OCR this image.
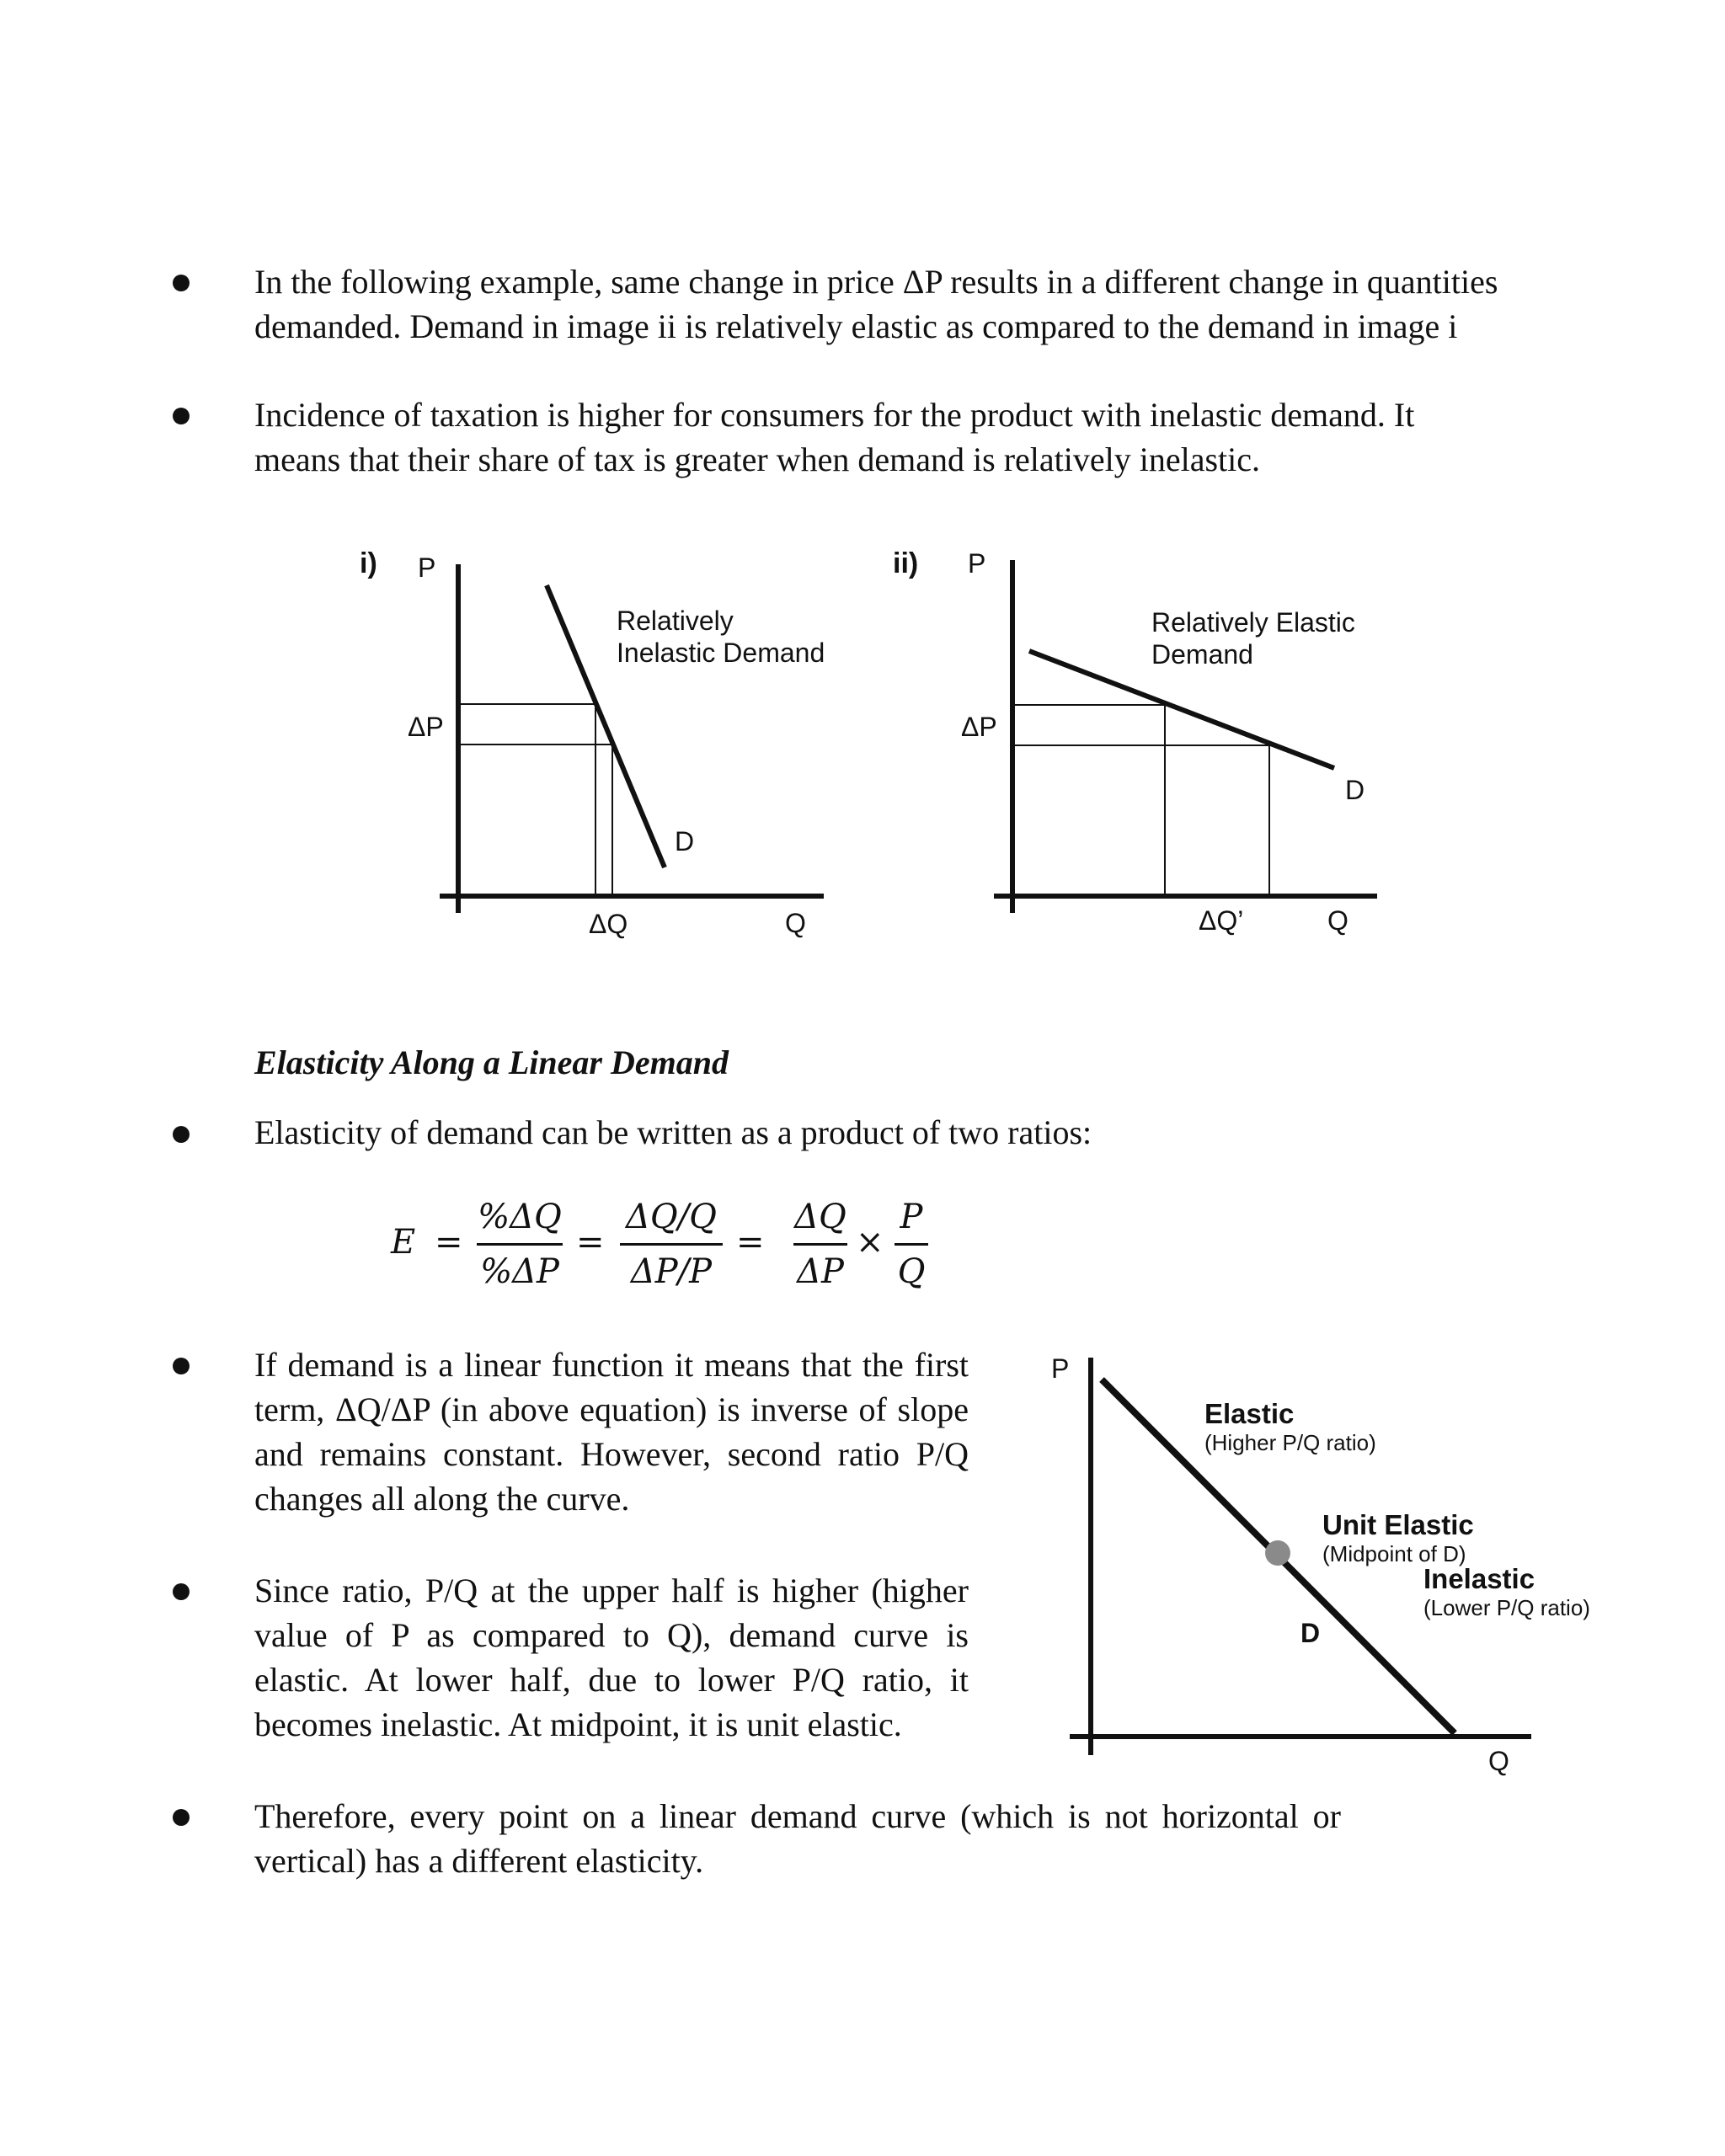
In the following example, same change in price ΔP results in a different change in quantities demanded. Demand in image ii is relatively elastic as compared to the demand in image i

Incidence of taxation is higher for consumers for the product with inelastic demand. It means that their share of tax is greater when demand is relatively inelastic.

i) P
Q
ΔP
ΔQ
Relatively
Inelastic Demand
D
ii) P
Q
ΔP
ΔQ’
Relatively Elastic
Demand
D

Elasticity Along a Linear Demand

Elasticity of demand can be written as a product of two ratios:

E =
%ΔQ
%ΔP
=
ΔQ/Q
ΔP/P
=
ΔQ
ΔP
×
P
Q

If demand is a linear function it means that the first term, ΔQ/ΔP (in above equation) is inverse of slope and remains constant. However, second ratio P/Q changes all along the curve.

Since ratio, P/Q at the upper half is higher (higher value of P as compared to Q), demand curve is elastic. At lower half, due to lower P/Q ratio, it becomes inelastic. At midpoint, it is unit elastic.

P
Q
Elastic
(Higher P/Q ratio)
Unit Elastic
(Midpoint of D)
Inelastic
(Lower P/Q ratio)
D

Therefore, every point on a linear demand curve (which is not horizontal or vertical) has a different elasticity.
